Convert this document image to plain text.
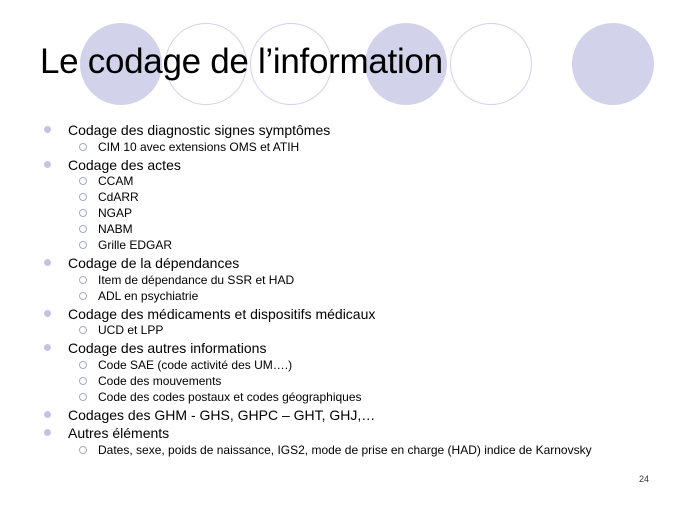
Le codage de l’information
Codage des diagnostic signes symptômes
CIM 10 avec extensions OMS et ATIH
Codage des actes
CCAM
CdARR
NGAP
NABM
Grille EDGAR
Codage de la dépendances
Item de dépendance du SSR et HAD
ADL en psychiatrie
Codage des médicaments et dispositifs médicaux
UCD et LPP
Codage des autres informations
Code SAE (code activité des UM….)
Code des mouvements
Code des codes postaux et codes géographiques
Codages des GHM - GHS, GHPC – GHT, GHJ,…
Autres éléments
Dates, sexe, poids de naissance, IGS2, mode de prise en charge (HAD) indice de Karnovsky
24
